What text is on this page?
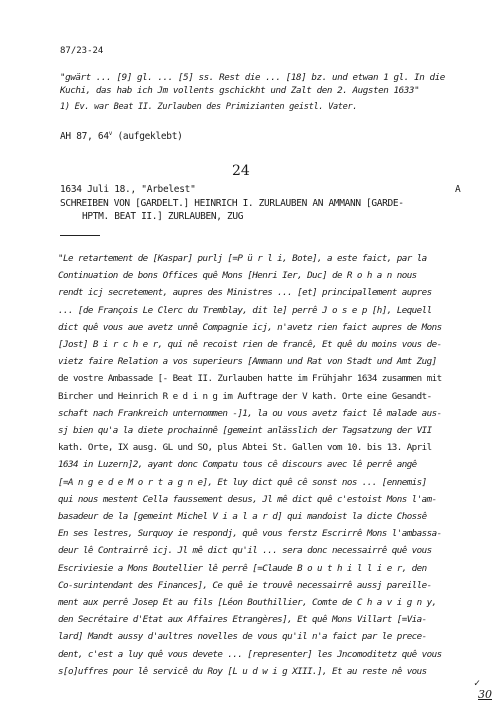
87/23-24
"gwärt ... [9] gl. ... [5] ss. Rest die ... [18] bz. und etwan 1 gl. In die
Kuchi, das hab ich Jm vollents gschickht und Zalt den 2. Augsten 1633"
1) Ev. war Beat II. Zurlauben des Primizianten geistl. Vater.
AH 87, 64$^v$ (aufgeklebt)
24
1634 Juli 18., "Arbelest"	A
SCHREIBEN VON [GARDELT.] HEINRICH I. ZURLAUBEN AN AMMANN [GARDE-
HPTM. BEAT II.] ZURLAUBEN, ZUG
"Le retartement de [Kaspar] purlj [=P ü r l i, Bote], a este faict, par la
Continuation de bons Offices quê Mons [Henri Ier, Duc] de R o h a n nous
rendt icj secretement, aupres des Ministres ... [et] principallement aupres
... [de François Le Clerc du Tremblay, dit le] perrê J o s e p [h], Lequell
dict quê vous aue avetz unnê Compagnie icj, n'avetz rien faict aupres de Mons
[Jost] B i r c h e r, qui nê recoist rien de francê, Et quê du moins vous de-
vietz faire Relation a vos superieurs [Ammann und Rat von Stadt und Amt Zug]
de vostre Ambassade [- Beat II. Zurlauben hatte im Frühjahr 1634 zusammen mit
Bircher und Heinrich R e d i n g im Auftrage der V kath. Orte eine Gesandt-
schaft nach Frankreich unternommen -]1, la ou vous avetz faict lê malade aus-
sj bien qu'a la diete prochainnê [gemeint anlässlich der Tagsatzung der VII
kath. Orte, IX ausg. GL und SO, plus Abtei St. Gallen vom 10. bis 13. April
1634 in Luzern]2, ayant donc Compatu tous cê discours avec lê perrê angê
[=A n g e d e M o r t a g n e], Et luy dict quê cê sonst nos ... [ennemis]
qui nous mestent Cella faussement desus, Jl mê dict quê c'estoist Mons l'am-
basadeur de la [gemeint Michel V i a l a r d] qui mandoist la dicte Chossê
En ses lestres, Surquoy ie respondj, quê vous ferstz Escrirrê Mons l'ambassa-
deur lê Contrairrê icj. Jl mê dict qu'il ... sera donc necessairrê quê vous
Escriviesie a Mons Boutellier lê perrê [=Claude B o u t h i l l i e r, den
Co-surintendant des Finances], Ce quê ie trouvê necessairrê aussj pareille-
ment aux perrê Josep Et au fils [Léon Bouthillier, Comte de C h a v i g n y,
den Secrétaire d'Etat aux Affaires Etrangères], Et quê Mons Villart [=Via-
lard] Mandt aussy d'aultres novelles de vous qu'il n'a faict par le prece-
dent, c'est a luy quê vous devete ... [representer] les Jncomoditetz quê vous
s[o]uffres pour lê servicê du Roy [L u d w i g XIII.], Et au reste nê vous
✓
30
